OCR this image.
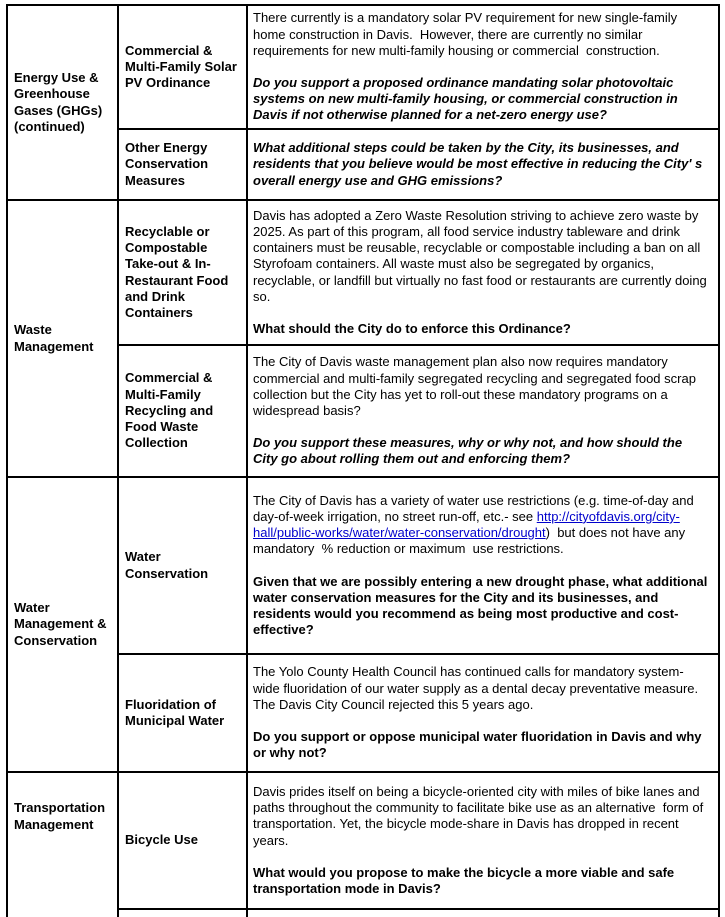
Energy Use & Greenhouse Gases (GHGs) (continued)	Commercial & Multi-Family Solar PV Ordinance	There currently is a mandatory solar PV requirement for new single-family home construction in Davis.  However, there are currently no similar requirements for new multi-family housing or commercial  construction.

Do you support a proposed ordinance mandating solar photovoltaic systems on new multi-family housing, or commercial construction in Davis if not otherwise planned for a net-zero energy use?

	Other Energy Conservation Measures	What additional steps could be taken by the City, its businesses, and residents that you believe would be most effective in reducing the City' s overall energy use and GHG emissions?

Waste Management	Recyclable or Compostable Take-out & In-Restaurant Food and Drink Containers	Davis has adopted a Zero Waste Resolution striving to achieve zero waste by 2025. As part of this program, all food service industry tableware and drink containers must be reusable, recyclable or compostable including a ban on all Styrofoam containers. All waste must also be segregated by organics, recyclable, or landfill but virtually no fast food or restaurants are currently doing so.

What should the City do to enforce this Ordinance?

	Commercial & Multi-Family Recycling and Food Waste Collection	The City of Davis waste management plan also now requires mandatory commercial and multi-family segregated recycling and segregated food scrap collection but the City has yet to roll-out these mandatory programs on a widespread basis?

Do you support these measures, why or why not, and how should the City go about rolling them out and enforcing them?

Water Management & Conservation	Water Conservation	The City of Davis has a variety of water use restrictions (e.g. time-of-day and day-of-week irrigation, no street run-off, etc.- see http://cityofdavis.org/city-hall/public-works/water/water-conservation/drought)  but does not have any mandatory  % reduction or maximum  use restrictions.

Given that we are possibly entering a new drought phase, what additional water conservation measures for the City and its businesses, and residents would you recommend as being most productive and cost-effective?

	Fluoridation of Municipal Water	The Yolo County Health Council has continued calls for mandatory system-wide fluoridation of our water supply as a dental decay preventative measure. The Davis City Council rejected this 5 years ago.

Do you support or oppose municipal water fluoridation in Davis and why or why not?

Transportation Management	Bicycle Use	Davis prides itself on being a bicycle-oriented city with miles of bike lanes and paths throughout the community to facilitate bike use as an alternative  form of transportation. Yet, the bicycle mode-share in Davis has dropped in recent years.

What would you propose to make the bicycle a more viable and safe transportation mode in Davis?
